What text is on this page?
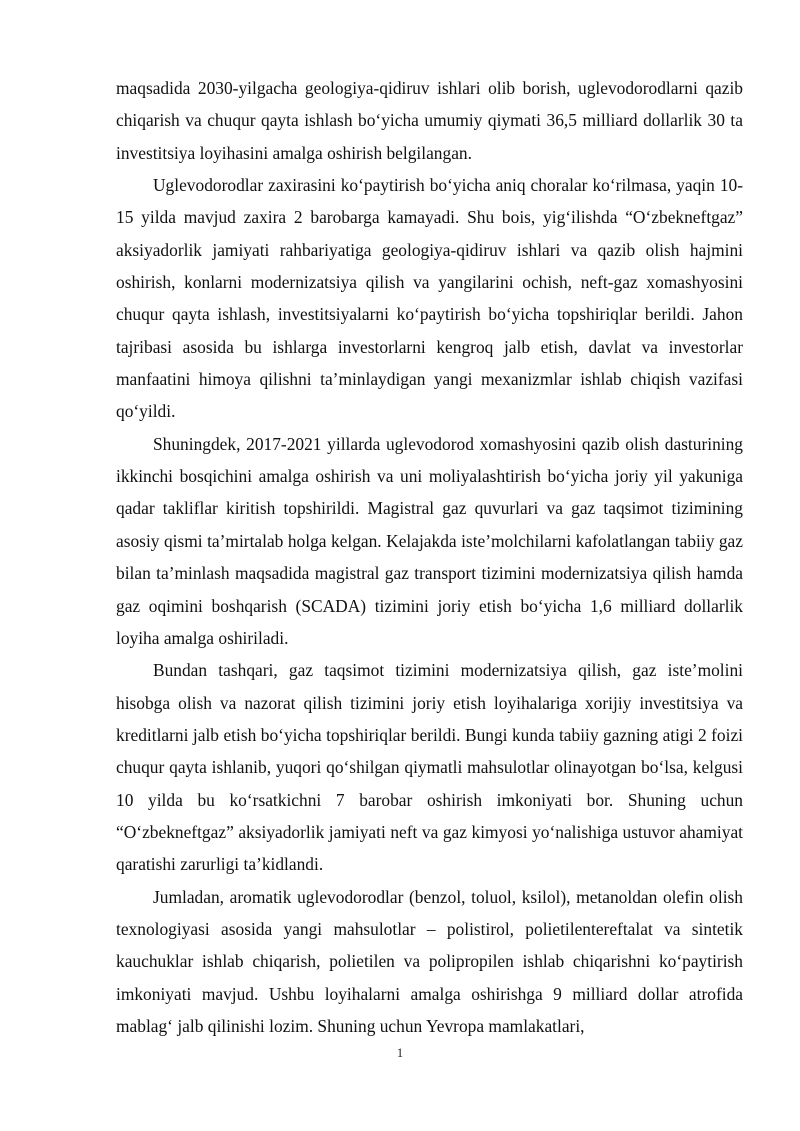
maqsadida 2030-yilgacha geologiya-qidiruv ishlari olib borish, uglevodorodlarni qazib chiqarish va chuqur qayta ishlash bo‘yicha umumiy qiymati 36,5 milliard dollarlik 30 ta investitsiya loyihasini amalga oshirish belgilangan.

Uglevodorodlar zaxirasini ko‘paytirish bo‘yicha aniq choralar ko‘rilmasa, yaqin 10-15 yilda mavjud zaxira 2 barobarga kamayadi. Shu bois, yig‘ilishda “O‘zbekneftgaz” aksiyadorlik jamiyati rahbariyatiga geologiya-qidiruv ishlari va qazib olish hajmini oshirish, konlarni modernizatsiya qilish va yangilarini ochish, neft-gaz xomashyosini chuqur qayta ishlash, investitsiyalarni ko‘paytirish bo‘yicha topshiriqlar berildi. Jahon tajribasi asosida bu ishlarga investorlarni kengroq jalb etish, davlat va investorlar manfaatini himoya qilishni ta’minlaydigan yangi mexanizmlar ishlab chiqish vazifasi qo‘yildi.

Shuningdek, 2017-2021 yillarda uglevodorod xomashyosini qazib olish dasturining ikkinchi bosqichini amalga oshirish va uni moliyalashtirish bo‘yicha joriy yil yakuniga qadar takliflar kiritish topshirildi. Magistral gaz quvurlari va gaz taqsimot tizimining asosiy qismi ta’mirtalab holga kelgan. Kelajakda iste’molchilarni kafolatlangan tabiiy gaz bilan ta’minlash maqsadida magistral gaz transport tizimini modernizatsiya qilish hamda gaz oqimini boshqarish (SCADA) tizimini joriy etish bo‘yicha 1,6 milliard dollarlik loyiha amalga oshiriladi.

Bundan tashqari, gaz taqsimot tizimini modernizatsiya qilish, gaz iste’molini hisobga olish va nazorat qilish tizimini joriy etish loyihalariga xorijiy investitsiya va kreditlarni jalb etish bo‘yicha topshiriqlar berildi. Bungi kunda tabiiy gazning atigi 2 foizi chuqur qayta ishlanib, yuqori qo‘shilgan qiymatli mahsulotlar olinayotgan bo‘lsa, kelgusi 10 yilda bu ko‘rsatkichni 7 barobar oshirish imkoniyati bor. Shuning uchun “O‘zbekneftgaz” aksiyadorlik jamiyati neft va gaz kimyosi yo‘nalishiga ustuvor ahamiyat qaratishi zarurligi ta’kidlandi.

Jumladan, aromatik uglevodorodlar (benzol, toluol, ksilol), metanoldan olefin olish texnologiyasi asosida yangi mahsulotlar – polistirol, polietilentereftalat va sintetik kauchuklar ishlab chiqarish, polietilen va polipropilen ishlab chiqarishni ko‘paytirish imkoniyati mavjud. Ushbu loyihalarni amalga oshirishga 9 milliard dollar atrofida mablag‘ jalb qilinishi lozim. Shuning uchun Yevropa mamlakatlari,

1
